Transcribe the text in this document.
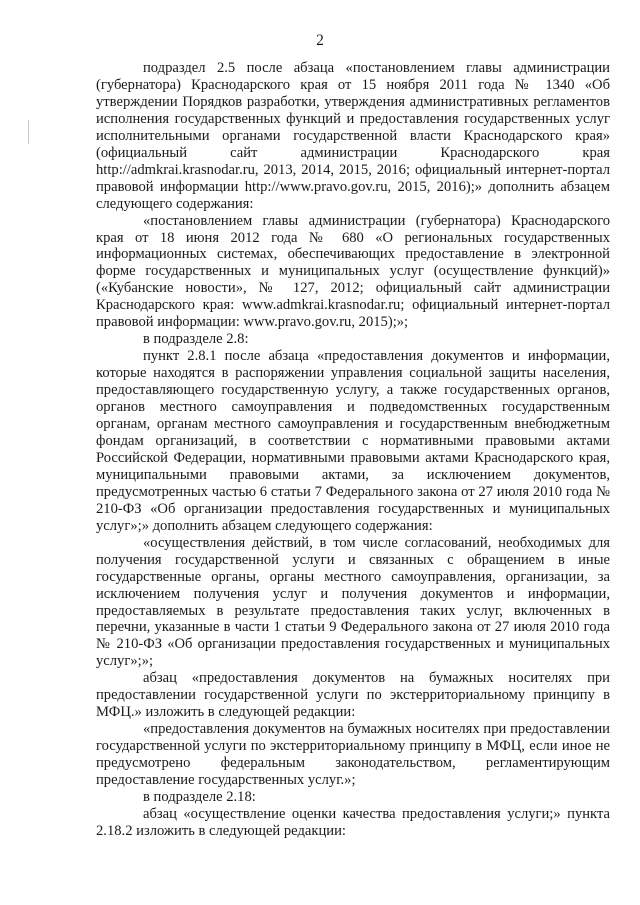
2

подраздел 2.5 после абзаца «постановлением главы администрации (губернатора) Краснодарского края от 15 ноября 2011 года № 1340 «Об утверждении Порядков разработки, утверждения административных регламентов исполнения государственных функций и предоставления государственных услуг исполнительными органами государственной власти Краснодарского края» (официальный сайт администрации Краснодарского края http://admkrai.krasnodar.ru, 2013, 2014, 2015, 2016; официальный интернет-портал правовой информации http://www.pravo.gov.ru, 2015, 2016);» дополнить абзацем следующего содержания:

«постановлением главы администрации (губернатора) Краснодарского края от 18 июня 2012 года № 680 «О региональных государственных информационных системах, обеспечивающих предоставление в электронной форме государственных и муниципальных услуг (осуществление функций)» («Кубанские новости», № 127, 2012; официальный сайт администрации Краснодарского края: www.admkrai.krasnodar.ru; официальный интернет-портал правовой информации: www.pravo.gov.ru, 2015);»;

в подразделе 2.8:

пункт 2.8.1 после абзаца «предоставления документов и информации, которые находятся в распоряжении управления социальной защиты населения, предоставляющего государственную услугу, а также государственных органов, органов местного самоуправления и подведомственных государственным органам, органам местного самоуправления и государственным внебюджетным фондам организаций, в соответствии с нормативными правовыми актами Российской Федерации, нормативными правовыми актами Краснодарского края, муниципальными правовыми актами, за исключением документов, предусмотренных частью 6 статьи 7 Федерального закона от 27 июля 2010 года № 210-ФЗ «Об организации предоставления государственных и муниципальных услуг»;» дополнить абзацем следующего содержания:

«осуществления действий, в том числе согласований, необходимых для получения государственной услуги и связанных с обращением в иные государственные органы, органы местного самоуправления, организации, за исключением получения услуг и получения документов и информации, предоставляемых в результате предоставления таких услуг, включенных в перечни, указанные в части 1 статьи 9 Федерального закона от 27 июля 2010 года № 210-ФЗ «Об организации предоставления государственных и муниципальных услуг»;»;

абзац «предоставления документов на бумажных носителях при предоставлении государственной услуги по экстерриториальному принципу в МФЦ.» изложить в следующей редакции:

«предоставления документов на бумажных носителях при предоставлении государственной услуги по экстерриториальному принципу в МФЦ, если иное не предусмотрено федеральным законодательством, регламентирующим предоставление государственных услуг.»;

в подразделе 2.18:

абзац «осуществление оценки качества предоставления услуги;» пункта 2.18.2 изложить в следующей редакции:
